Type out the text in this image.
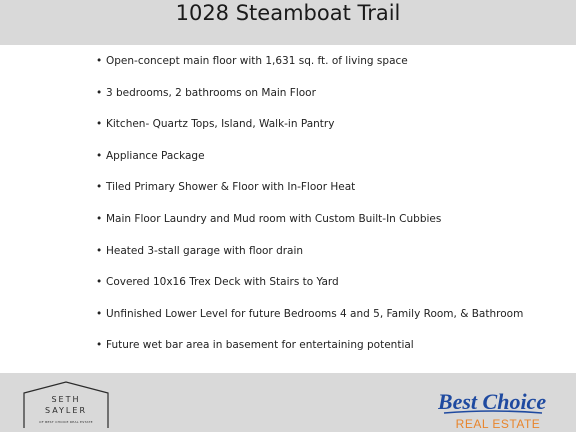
1028 Steamboat Trail
• Open-concept main floor with 1,631 sq. ft. of living space
• 3 bedrooms, 2 bathrooms on Main Floor
• Kitchen- Quartz Tops, Island, Walk-in Pantry
• Appliance Package
• Tiled Primary Shower & Floor with In-Floor Heat
• Main Floor Laundry and Mud room with Custom Built-In Cubbies
• Heated 3-stall garage with floor drain
• Covered 10x16 Trex Deck with Stairs to Yard
• Unfinished Lower Level for future Bedrooms 4 and 5, Family Room, & Bathroom
• Future wet bar area in basement for entertaining potential
SETH
SAYLER
OF BEST CHOICE REAL ESTATE
Best Choice
REAL ESTATE
